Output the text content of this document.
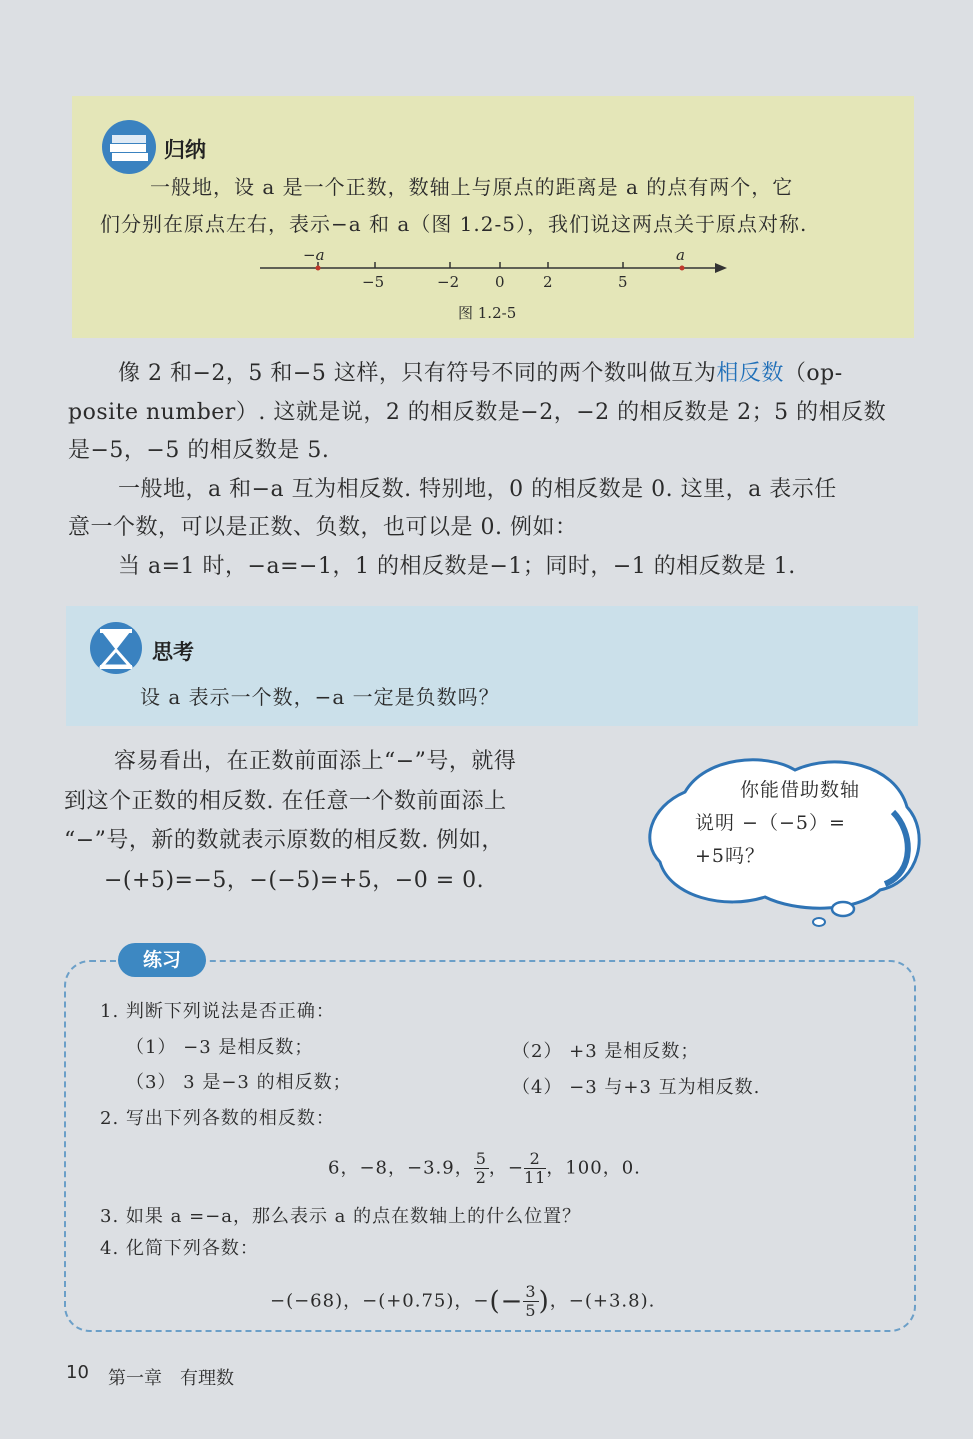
归纳
一般地，设 a 是一个正数，数轴上与原点的距离是 a 的点有两个，它
们分别在原点左右，表示−a 和 a（图 1.2-5），我们说这两点关于原点对称.
−a	a
−5	−2 0	2	5
图 1.2-5
像 2 和−2，5 和−5 这样，只有符号不同的两个数叫做互为相反数（op-
posite number）. 这就是说，2 的相反数是−2，−2 的相反数是 2；5 的相反数
是−5，−5 的相反数是 5.
一般地，a 和−a 互为相反数. 特别地，0 的相反数是 0. 这里，a 表示任
意一个数，可以是正数、负数，也可以是 0. 例如：
当 a=1 时，−a=−1，1 的相反数是−1；同时，−1 的相反数是 1.
思考
设 a 表示一个数，−a 一定是负数吗？
容易看出，在正数前面添上“−”号，就得
到这个正数的相反数. 在任意一个数前面添上
“−”号，新的数就表示原数的相反数. 例如，
−(+5)=−5，−(−5)=+5，−0 = 0.
你能借助数轴
说明 −（−5）=
+5吗？
练习
1. 判断下列说法是否正确：
（1） −3 是相反数；	（2） +3 是相反数；
（3） 3 是−3 的相反数；	（4） −3 与+3 互为相反数.
2. 写出下列各数的相反数：
6，−8，−3.9， $\frac{5}{2}$ ，− $\frac{2}{11}$ ，100，0.
3. 如果 a =−a，那么表示 a 的点在数轴上的什么位置？
4. 化简下列各数：
−(−68)，−(+0.75)，−(− $\frac{3}{5}$ )，−(+3.8).
10 第一章 有理数
